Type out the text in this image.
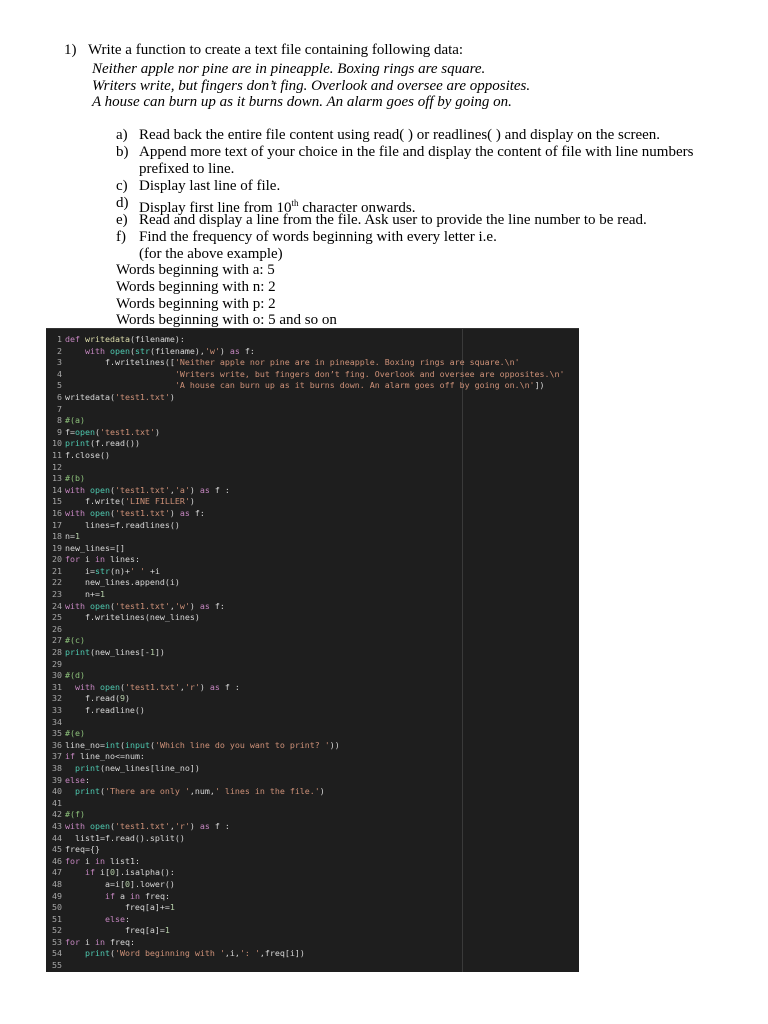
1) Write a function to create a text file containing following data:
Neither apple nor pine are in pineapple. Boxing rings are square.
Writers write, but fingers don’t fing. Overlook and oversee are opposites.
A house can burn up as it burns down. An alarm goes off by going on.
a) Read back the entire file content using read( ) or readlines( ) and display on the screen.
b) Append more text of your choice in the file and display the content of file with line numbers prefixed to line.
c) Display last line of file.
d) Display first line from 10th character onwards.
e) Read and display a line from the file. Ask user to provide the line number to be read.
f) Find the frequency of words beginning with every letter i.e.
(for the above example)
Words beginning with a: 5
Words beginning with n: 2
Words beginning with p: 2
Words beginning with o: 5 and so on
1 def writedata(filename):
2	with open(str(filename),'w') as f:
3        f.writelines(['Neither apple nor pine are in pineapple. Boxing rings are square.\n'
4	'Writers write, but fingers don’t fing. Overlook and oversee are opposites.\n'
5	'A house can burn up as it burns down. An alarm goes off by going on.\n'])
6 writedata('test1.txt')
7
8 #(a)
9 f=open('test1.txt')
10 print(f.read())
11 f.close()
12
13 #(b)
14 with open('test1.txt','a') as f :
15    f.write('LINE FILLER')
16 with open('test1.txt') as f:
17    lines=f.readlines()
18 n=1
19 new_lines=[]
20 for i in lines:
21    i=str(n)+' ' +i
22    new_lines.append(i)
23    n+=1
24 with open('test1.txt','w') as f:
25    f.writelines(new_lines)
26
27 #(c)
28 print(new_lines[-1])
29
30 #(d)
31 with open('test1.txt','r') as f :
32    f.read(9)
33    f.readline()
34
35 #(e)
36 line_no=int(input('Which line do you want to print? '))
37 if line_no<=num:
38 print(new_lines[line_no])
39 else:
40 print('There are only ',num,' lines in the file.')
41
42 #(f)
43 with open('test1.txt','r') as f :
44  list1=f.read().split()
45 freq={}
46 for i in list1:
47	if i[0].isalpha():
48        a=i[0].lower()
49	if a in freq:
50            freq[a]+=1
51	else:
52            freq[a]=1
53 for i in freq:
54	print('Word beginning with ',i,': ',freq[i])
55
